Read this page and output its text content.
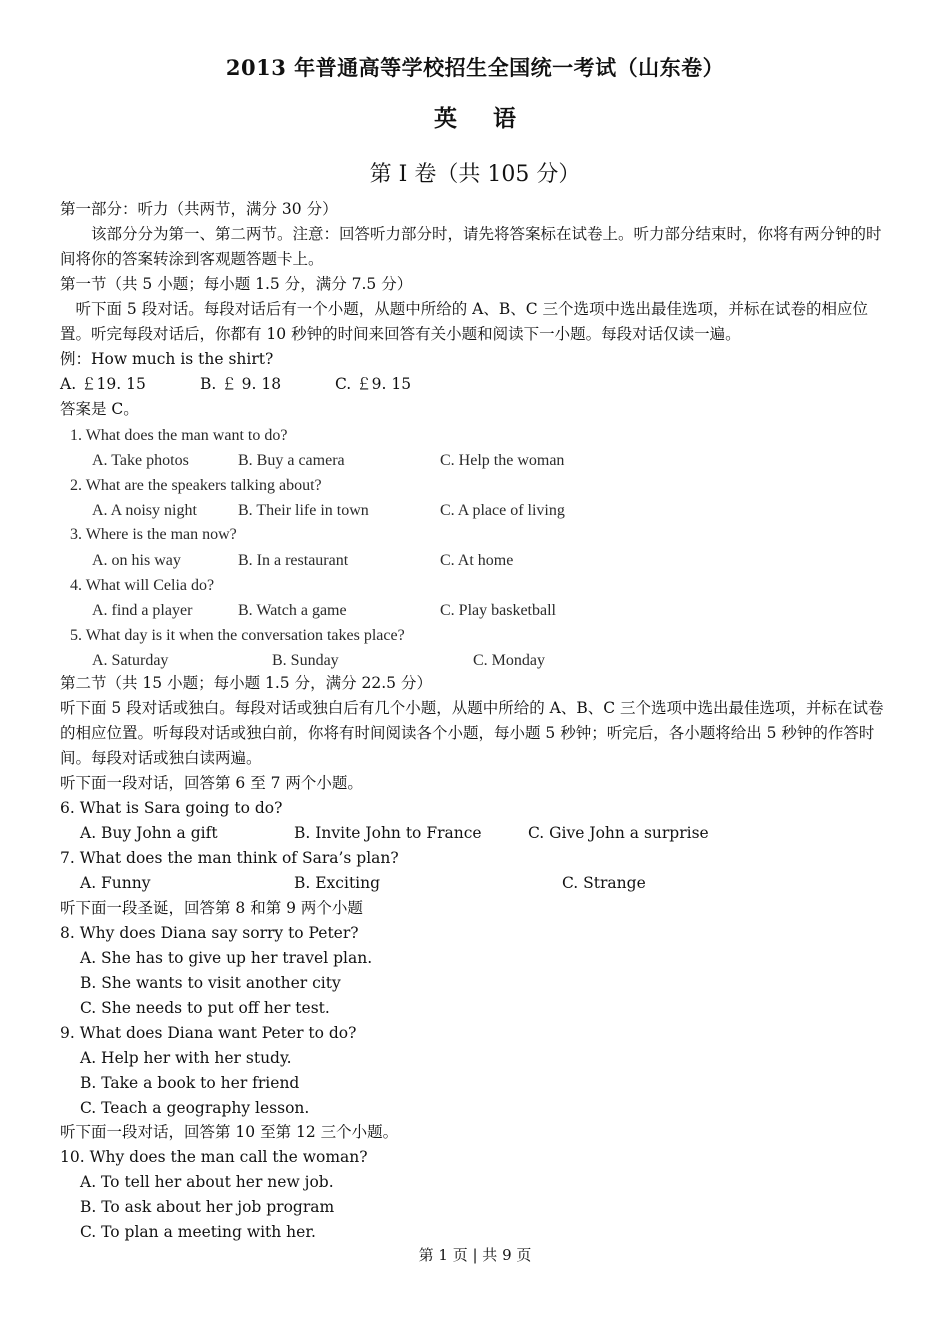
2013 年普通高等学校招生全国统一考试（山东卷）
英 语
第 I 卷（共 105 分）
第一部分：听力（共两节，满分 30 分）
该部分分为第一、第二两节。注意：回答听力部分时，请先将答案标在试卷上。听力部分结束时，你将有两分钟的时间将你的答案转涂到客观题答题卡上。
第一节（共 5 小题；每小题 1.5 分，满分 7.5 分）
听下面 5 段对话。每段对话后有一个小题，从题中所给的 A、B、C 三个选项中选出最佳选项，并标在试卷的相应位置。听完每段对话后，你都有 10 秒钟的时间来回答有关小题和阅读下一小题。每段对话仅读一遍。
例：How much is the shirt?
A. ￡19. 15	B. ￡ 9. 18	C. ￡9. 15
答案是 C。
1. What does the man want to do?
A. Take photos	B. Buy a camera	C. Help the woman
2. What are the speakers talking about?
A. A noisy night	B. Their life in town	C. A place of living
3. Where is the man now?
A. on his way	B. In a restaurant	C. At home
4. What will Celia do?
A. find a player	B. Watch a game	C. Play basketball
5. What day is it when the conversation takes place?
A. Saturday	B. Sunday	C. Monday
第二节（共 15 小题；每小题 1.5 分，满分 22.5 分）
听下面 5 段对话或独白。每段对话或独白后有几个小题，从题中所给的 A、B、C 三个选项中选出最佳选项，并标在试卷的相应位置。听每段对话或独白前，你将有时间阅读各个小题，每小题 5 秒钟；听完后，各小题将给出 5 秒钟的作答时间。每段对话或独白读两遍。
听下面一段对话，回答第 6 至 7 两个小题。
6. What is Sara going to do?
A. Buy John a gift	B. Invite John to France	C. Give John a surprise
7. What does the man think of Sara’s plan?
A. Funny	B. Exciting	C. Strange
听下面一段圣诞，回答第 8 和第 9 两个小题
8. Why does Diana say sorry to Peter?
A. She has to give up her travel plan.
B. She wants to visit another city
C. She needs to put off her test.
9. What does Diana want Peter to do?
A. Help her with her study.
B. Take a book to her friend
C. Teach a geography lesson.
听下面一段对话，回答第 10 至第 12 三个小题。
10. Why does the man call the woman?
A. To tell her about her new job.
B. To ask about her job program
C. To plan a meeting with her.
第 1 页 | 共 9 页
